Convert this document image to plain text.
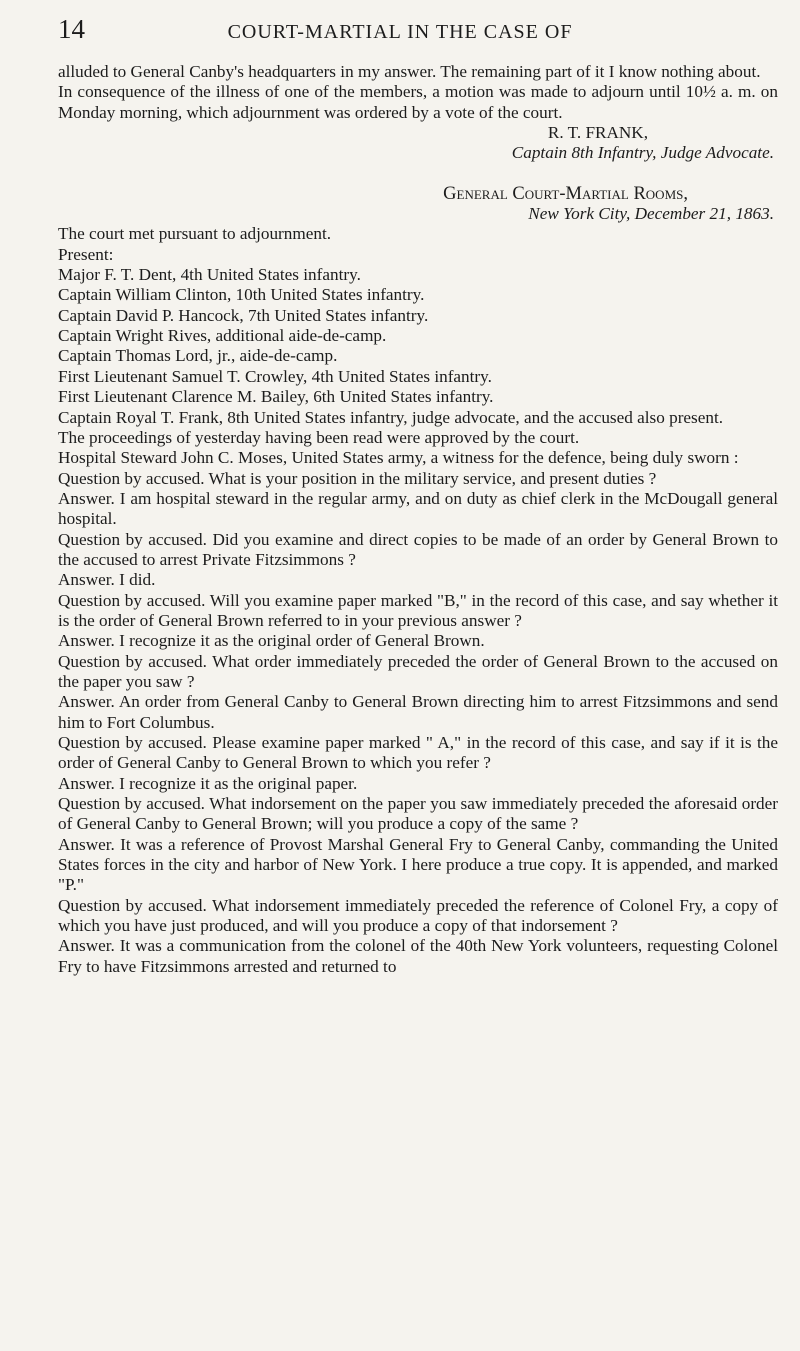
14	COURT-MARTIAL IN THE CASE OF
alluded to General Canby's headquarters in my answer. The remaining part of it I know nothing about.
In consequence of the illness of one of the members, a motion was made to adjourn until 10½ a. m. on Monday morning, which adjournment was ordered by a vote of the court.
R. T. FRANK,
Captain 8th Infantry, Judge Advocate.
General Court-Martial Rooms,
New York City, December 21, 1863.
The court met pursuant to adjournment.
Present:
Major F. T. Dent, 4th United States infantry.
Captain William Clinton, 10th United States infantry.
Captain David P. Hancock, 7th United States infantry.
Captain Wright Rives, additional aide-de-camp.
Captain Thomas Lord, jr., aide-de-camp.
First Lieutenant Samuel T. Crowley, 4th United States infantry.
First Lieutenant Clarence M. Bailey, 6th United States infantry.
Captain Royal T. Frank, 8th United States infantry, judge advocate, and the accused also present.
The proceedings of yesterday having been read were approved by the court.
Hospital Steward John C. Moses, United States army, a witness for the defence, being duly sworn :
Question by accused. What is your position in the military service, and present duties ?
Answer. I am hospital steward in the regular army, and on duty as chief clerk in the McDougall general hospital.
Question by accused. Did you examine and direct copies to be made of an order by General Brown to the accused to arrest Private Fitzsimmons ?
Answer. I did.
Question by accused. Will you examine paper marked "B," in the record of this case, and say whether it is the order of General Brown referred to in your previous answer ?
Answer. I recognize it as the original order of General Brown.
Question by accused. What order immediately preceded the order of General Brown to the accused on the paper you saw ?
Answer. An order from General Canby to General Brown directing him to arrest Fitzsimmons and send him to Fort Columbus.
Question by accused. Please examine paper marked " A," in the record of this case, and say if it is the order of General Canby to General Brown to which you refer ?
Answer. I recognize it as the original paper.
Question by accused. What indorsement on the paper you saw immediately preceded the aforesaid order of General Canby to General Brown; will you produce a copy of the same ?
Answer. It was a reference of Provost Marshal General Fry to General Canby, commanding the United States forces in the city and harbor of New York. I here produce a true copy. It is appended, and marked "P."
Question by accused. What indorsement immediately preceded the reference of Colonel Fry, a copy of which you have just produced, and will you produce a copy of that indorsement ?
Answer. It was a communication from the colonel of the 40th New York volunteers, requesting Colonel Fry to have Fitzsimmons arrested and returned to
